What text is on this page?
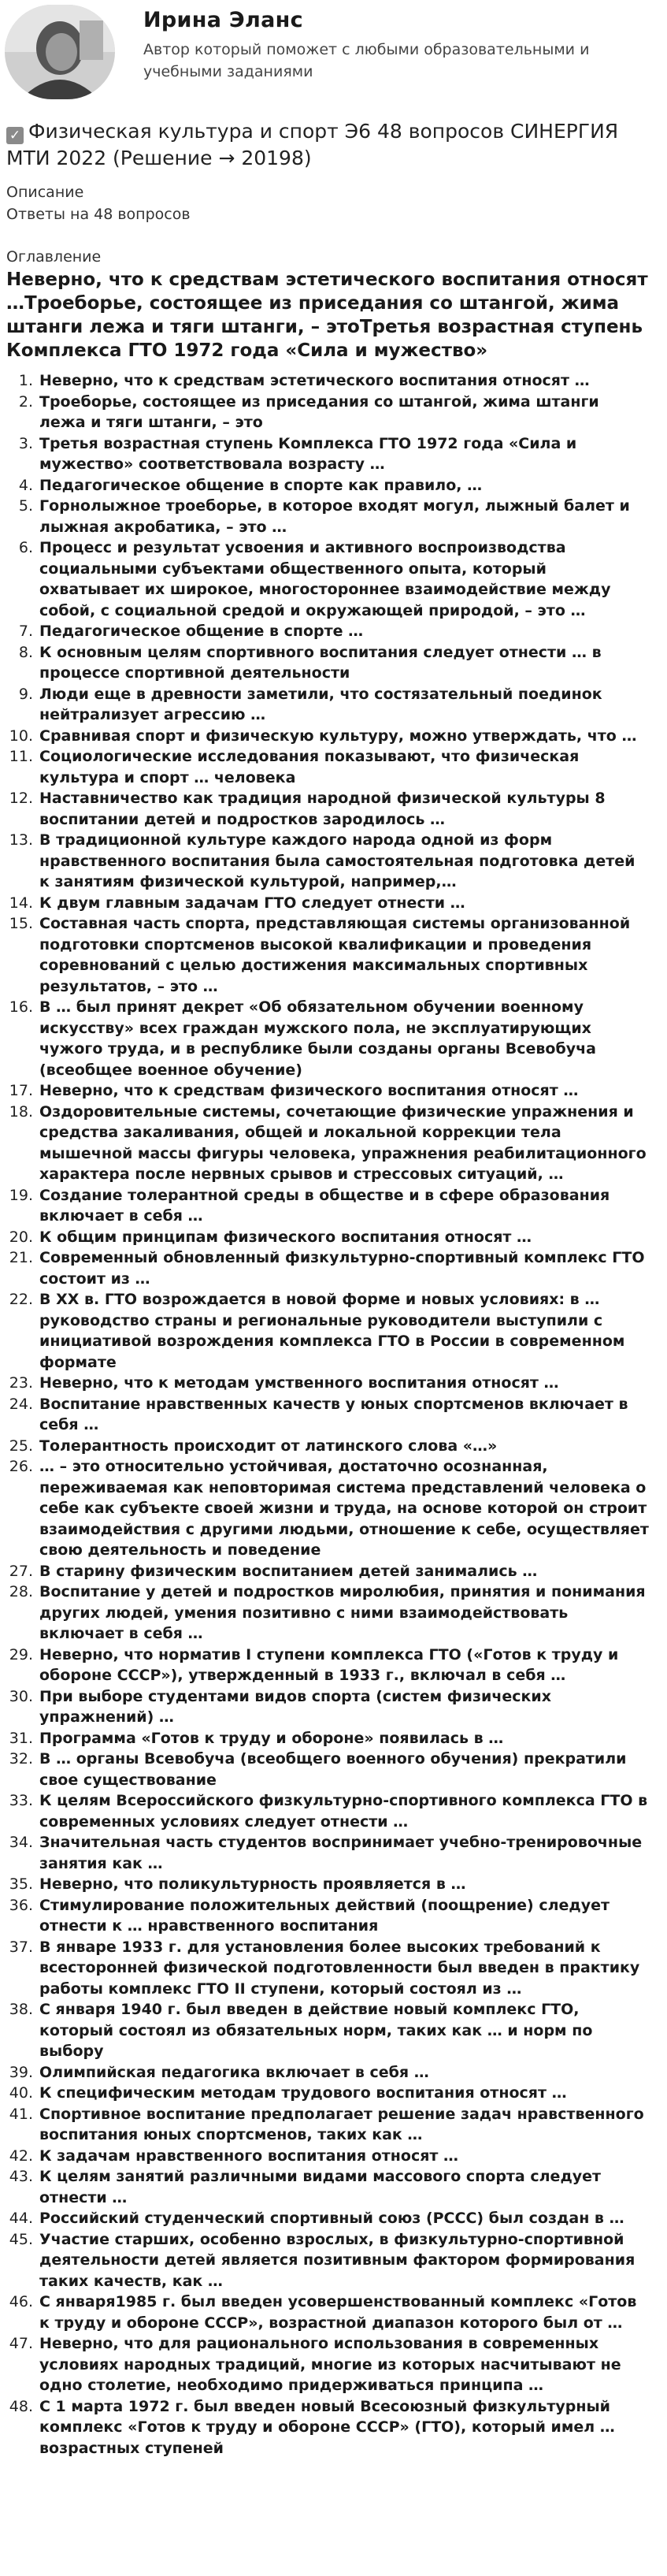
Ирина Эланс
Автор который поможет с любыми образовательными и учебными заданиями
✓ Физическая культура и спорт Э6 48 вопросов СИНЕРГИЯ МТИ 2022 (Решение → 20198)
Описание
Ответы на 48 вопросов
Оглавление
Неверно, что к средствам эстетического воспитания относят …Троеборье, состоящее из приседания со штангой, жима штанги лежа и тяги штанги, – этоТретья возрастная ступень Комплекса ГТО 1972 года «Сила и мужество»
1. Неверно, что к средствам эстетического воспитания относят …
2. Троеборье, состоящее из приседания со штангой, жима штанги лежа и тяги штанги, – это
3. Третья возрастная ступень Комплекса ГТО 1972 года «Сила и мужество» соответствовала возрасту …
4. Педагогическое общение в спорте как правило, …
5. Горнолыжное троеборье, в которое входят могул, лыжный балет и лыжная акробатика, – это …
6. Процесс и результат усвоения и активного воспроизводства социальными субъектами общественного опыта, который охватывает их широкое, многостороннее взаимодействие между собой, с социальной средой и окружающей природой, – это …
7. Педагогическое общение в спорте …
8. К основным целям спортивного воспитания следует отнести … в процессе спортивной деятельности
9. Люди еще в древности заметили, что состязательный поединок нейтрализует агрессию …
10. Сравнивая спорт и физическую культуру, можно утверждать, что …
11. Социологические исследования показывают, что физическая культура и спорт … человека
12. Наставничество как традиция народной физической культуры 8 воспитании детей и подростков зародилось …
13. В традиционной культуре каждого народа одной из форм нравственного воспитания была самостоятельная подготовка детей к занятиям физической культурой, например,…
14. К двум главным задачам ГТО следует отнести …
15. Составная часть спорта, представляющая системы организованной подготовки спортсменов высокой квалификации и проведения соревнований с целью достижения максимальных спортивных результатов, – это …
16. В … был принят декрет «Об обязательном обучении военному искусству» всех граждан мужского пола, не эксплуатирующих чужого труда, и в республике были созданы органы Всевобуча (всеобщее военное обучение)
17. Неверно, что к средствам физического воспитания относят …
18. Оздоровительные системы, сочетающие физические упражнения и средства закаливания, общей и локальной коррекции тела мышечной массы фигуры человека, упражнения реабилитационного характера после нервных срывов и стрессовых ситуаций, …
19. Создание толерантной среды в обществе и в сфере образования включает в себя …
20. К общим принципам физического воспитания относят …
21. Современный обновленный физкультурно-спортивный комплекс ГТО состоит из …
22. В XX в. ГТО возрождается в новой форме и новых условиях: в … руководство страны и региональные руководители выступили с инициативой возрождения комплекса ГТО в России в современном формате
23. Неверно, что к методам умственного воспитания относят …
24. Воспитание нравственных качеств у юных спортсменов включает в себя …
25. Толерантность происходит от латинского слова «…»
26. … – это относительно устойчивая, достаточно осознанная, переживаемая как неповторимая система представлений человека о себе как субъекте своей жизни и труда, на основе которой он строит взаимодействия с другими людьми, отношение к себе, осуществляет свою деятельность и поведение
27. В старину физическим воспитанием детей занимались …
28. Воспитание у детей и подростков миролюбия, принятия и понимания других людей, умения позитивно с ними взаимодействовать включает в себя …
29. Неверно, что норматив I ступени комплекса ГТО («Готов к труду и обороне СССР»), утвержденный в 1933 г., включал в себя …
30. При выборе студентами видов спорта (систем физических упражнений) …
31. Программа «Готов к труду и обороне» появилась в …
32. В … органы Всевобуча (всеобщего военного обучения) прекратили свое существование
33. К целям Всероссийского физкультурно-спортивного комплекса ГТО в современных условиях следует отнести …
34. Значительная часть студентов воспринимает учебно-тренировочные занятия как …
35. Неверно, что поликультурность проявляется в …
36. Стимулирование положительных действий (поощрение) следует отнести к … нравственного воспитания
37. В январе 1933 г. для установления более высоких требований к всесторонней физической подготовленности был введен в практику работы комплекс ГТО II ступени, который состоял из …
38. С января 1940 г. был введен в действие новый комплекс ГТО, который состоял из обязательных норм, таких как … и норм по выбору
39. Олимпийская педагогика включает в себя …
40. К специфическим методам трудового воспитания относят …
41. Спортивное воспитание предполагает решение задач нравственного воспитания юных спортсменов, таких как …
42. К задачам нравственного воспитания относят …
43. К целям занятий различными видами массового спорта следует отнести …
44. Российский студенческий спортивный союз (РССС) был создан в …
45. Участие старших, особенно взрослых, в физкультурно-спортивной деятельности детей является позитивным фактором формирования таких качеств, как …
46. С января1985 г. был введен усовершенствованный комплекс «Готов к труду и обороне СССР», возрастной диапазон которого был от …
47. Неверно, что для рационального использования в современных условиях народных традиций, многие из которых насчитывают не одно столетие, необходимо придерживаться принципа …
48. С 1 марта 1972 г. был введен новый Всесоюзный физкультурный комплекс «Готов к труду и обороне СССР» (ГТО), который имел … возрастных ступеней
